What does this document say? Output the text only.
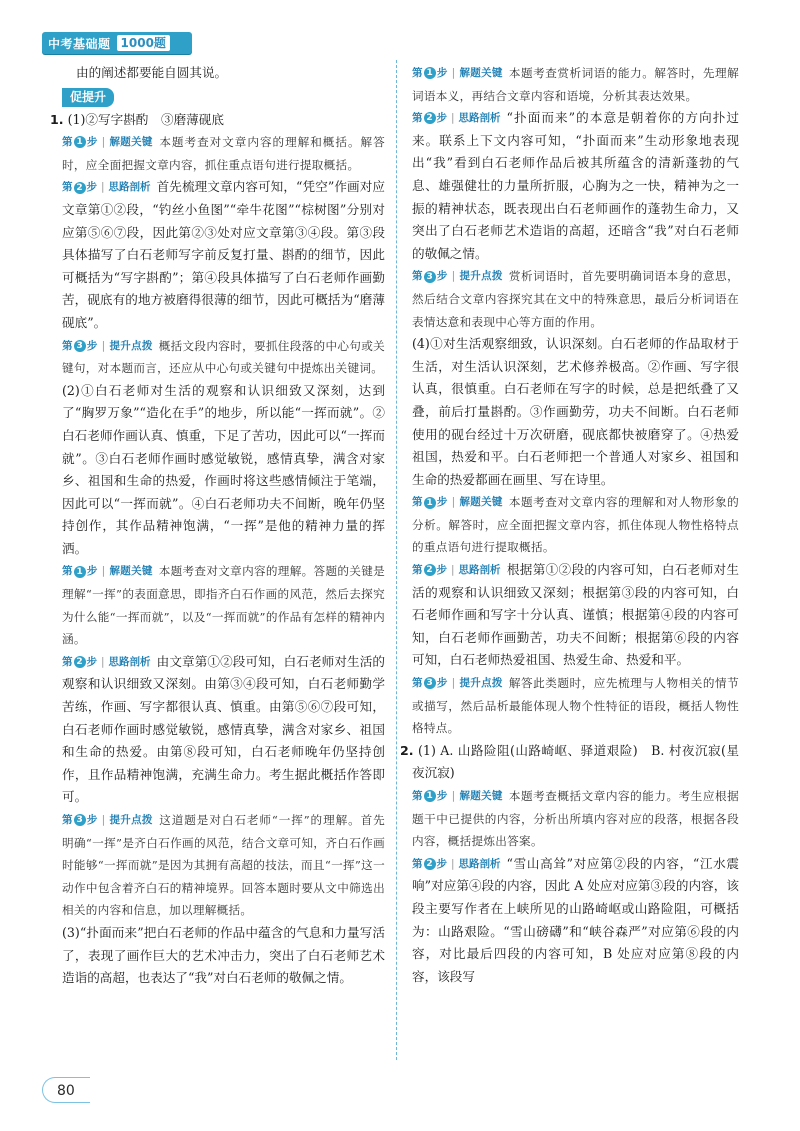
中考基础题 1000题

由的阐述都要能自圆其说。

促提升

1. (1)②写字斟酌　③磨薄砚底

第 1 步 | 解题关键 本题考查对文章内容的理解和概括。解答时，应全面把握文章内容，抓住重点语句进行提取概括。

第 2 步 | 思路剖析 首先梳理文章内容可知，“凭空”作画对应文章第①②段，“钓丝小鱼图”“牵牛花图”“棕树图”分别对应第⑤⑥⑦段，因此第②③处对应文章第③④段。第③段具体描写了白石老师写字前反复打量、斟酌的细节，因此可概括为“写字斟酌”；第④段具体描写了白石老师作画勤苦，砚底有的地方被磨得很薄的细节，因此可概括为“磨薄砚底”。

第 3 步 | 提升点拨 概括文段内容时，要抓住段落的中心句或关键句，对本题而言，还应从中心句或关键句中提炼出关键词。

(2)①白石老师对生活的观察和认识细致又深刻，达到了“胸罗万象”“造化在手”的地步，所以能“一挥而就”。②白石老师作画认真、慎重，下足了苦功，因此可以“一挥而就”。③白石老师作画时感觉敏锐，感情真挚，满含对家乡、祖国和生命的热爱，作画时将这些感情倾注于笔端，因此可以“一挥而就”。④白石老师功夫不间断，晚年仍坚持创作，其作品精神饱满，“一挥”是他的精神力量的挥洒。

第 1 步 | 解题关键 本题考查对文章内容的理解。答题的关键是理解“一挥”的表面意思，即指齐白石作画的风范，然后去探究为什么能“一挥而就”，以及“一挥而就”的作品有怎样的精神内涵。

第 2 步 | 思路剖析 由文章第①②段可知，白石老师对生活的观察和认识细致又深刻。由第③④段可知，白石老师勤学苦练，作画、写字都很认真、慎重。由第⑤⑥⑦段可知，白石老师作画时感觉敏锐，感情真挚，满含对家乡、祖国和生命的热爱。由第⑧段可知，白石老师晚年仍坚持创作，且作品精神饱满，充满生命力。考生据此概括作答即可。

第 3 步 | 提升点拨 这道题是对白石老师“一挥”的理解。首先明确“一挥”是齐白石作画的风范，结合文章可知，齐白石作画时能够“一挥而就”是因为其拥有高超的技法，而且“一挥”这一动作中包含着齐白石的精神境界。回答本题时要从文中筛选出相关的内容和信息，加以理解概括。

(3)“扑面而来”把白石老师的作品中蕴含的气息和力量写活了，表现了画作巨大的艺术冲击力，突出了白石老师艺术造诣的高超，也表达了“我”对白石老师的敬佩之情。

第 1 步 | 解题关键 本题考查赏析词语的能力。解答时，先理解词语本义，再结合文章内容和语境，分析其表达效果。

第 2 步 | 思路剖析 “扑面而来”的本意是朝着你的方向扑过来。联系上下文内容可知，“扑面而来”生动形象地表现出“我”看到白石老师作品后被其所蕴含的清新蓬勃的气息、雄强健壮的力量所折服，心胸为之一快，精神为之一振的精神状态，既表现出白石老师画作的蓬勃生命力，又突出了白石老师艺术造诣的高超，还暗含“我”对白石老师的敬佩之情。

第 3 步 | 提升点拨 赏析词语时，首先要明确词语本身的意思，然后结合文章内容探究其在文中的特殊意思，最后分析词语在表情达意和表现中心等方面的作用。

(4)①对生活观察细致，认识深刻。白石老师的作品取材于生活，对生活认识深刻，艺术修养极高。②作画、写字很认真，很慎重。白石老师在写字的时候，总是把纸叠了又叠，前后打量斟酌。③作画勤劳，功夫不间断。白石老师使用的砚台经过十万次研磨，砚底都快被磨穿了。④热爱祖国，热爱和平。白石老师把一个普通人对家乡、祖国和生命的热爱都画在画里、写在诗里。

第 1 步 | 解题关键 本题考查对文章内容的理解和对人物形象的分析。解答时，应全面把握文章内容，抓住体现人物性格特点的重点语句进行提取概括。

第 2 步 | 思路剖析 根据第①②段的内容可知，白石老师对生活的观察和认识细致又深刻；根据第③段的内容可知，白石老师作画和写字十分认真、谨慎；根据第④段的内容可知，白石老师作画勤苦，功夫不间断；根据第⑥段的内容可知，白石老师热爱祖国、热爱生命、热爱和平。

第 3 步 | 提升点拨 解答此类题时，应先梳理与人物相关的情节或描写，然后品析最能体现人物个性特征的语段，概括人物性格特点。

2. (1) A. 山路险阻(山路崎岖、驿道艰险)　B. 村夜沉寂(星夜沉寂)

第 1 步 | 解题关键 本题考查概括文章内容的能力。考生应根据题干中已提供的内容，分析出所填内容对应的段落，根据各段内容，概括提炼出答案。

第 2 步 | 思路剖析 “雪山高耸”对应第②段的内容，“江水震响”对应第④段的内容，因此 A 处应对应第③段的内容，该段主要写作者在上峡所见的山路崎岖或山路险阻，可概括为：山路艰险。“雪山磅礴”和“峡谷森严”对应第⑥段的内容，对比最后四段的内容可知，B 处应对应第⑧段的内容，该段写

80
